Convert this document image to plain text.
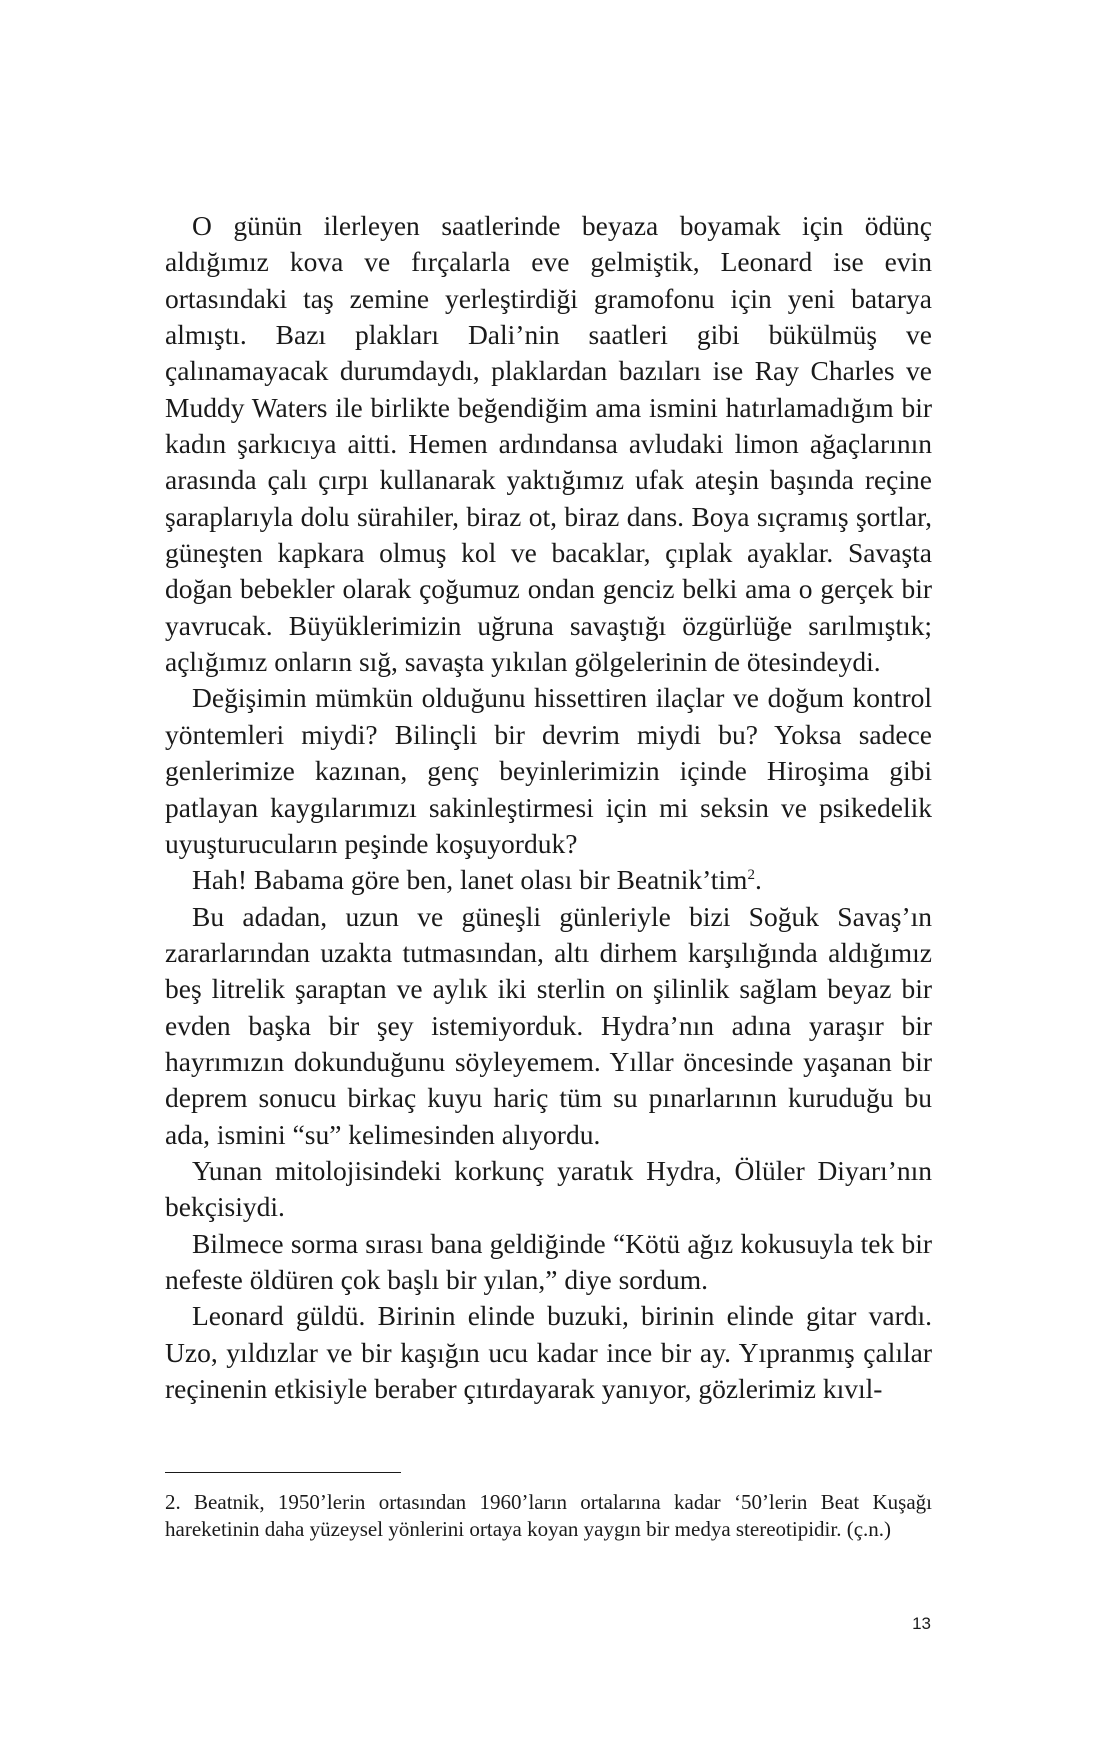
O günün ilerleyen saatlerinde beyaza boyamak için ödünç aldığımız kova ve fırçalarla eve gelmiştik, Leonard ise evin ortasındaki taş zemine yerleştirdiği gramofonu için yeni batarya almıştı. Bazı plakları Dali’nin saatleri gibi bükülmüş ve çalınamayacak durumdaydı, plaklardan bazıları ise Ray Charles ve Muddy Waters ile birlikte beğendiğim ama ismini hatırlamadığım bir kadın şarkıcıya aitti. Hemen ardındansa avludaki limon ağaçlarının arasında çalı çırpı kullanarak yaktığımız ufak ateşin başında reçine şaraplarıyla dolu sürahiler, biraz ot, biraz dans. Boya sıçramış şortlar, güneşten kapkara olmuş kol ve bacaklar, çıplak ayaklar. Savaşta doğan bebekler olarak çoğumuz ondan genciz belki ama o gerçek bir yavrucak. Büyüklerimizin uğruna savaştığı özgürlüğe sarılmıştık; açlığımız onların sığ, savaşta yıkılan gölgelerinin de ötesindeydi.

Değişimin mümkün olduğunu hissettiren ilaçlar ve doğum kontrol yöntemleri miydi? Bilinçli bir devrim miydi bu? Yoksa sadece genlerimize kazınan, genç beyinlerimizin içinde Hiroşima gibi patlayan kaygılarımızı sakinleştirmesi için mi seksin ve psikedelik uyuşturucuların peşinde koşuyorduk?

Hah! Babama göre ben, lanet olası bir Beatnik’tim$^2$.

Bu adadan, uzun ve güneşli günleriyle bizi Soğuk Savaş’ın zararlarından uzakta tutmasından, altı dirhem karşılığında aldığımız beş litrelik şaraptan ve aylık iki sterlin on şilinlik sağlam beyaz bir evden başka bir şey istemiyorduk. Hydra’nın adına yaraşır bir hayrımızın dokunduğunu söyleyemem. Yıllar öncesinde yaşanan bir deprem sonucu birkaç kuyu hariç tüm su pınarlarının kuruduğu bu ada, ismini “su” kelimesinden alıyordu.

Yunan mitolojisindeki korkunç yaratık Hydra, Ölüler Diyarı’nın bekçisiydi.

Bilmece sorma sırası bana geldiğinde “Kötü ağız kokusuyla tek bir nefeste öldüren çok başlı bir yılan,” diye sordum.

Leonard güldü. Birinin elinde buzuki, birinin elinde gitar vardı. Uzo, yıldızlar ve bir kaşığın ucu kadar ince bir ay. Yıpranmış çalılar reçinenin etkisiyle beraber çıtırdayarak yanıyor, gözlerimiz kıvıl-

2. Beatnik, 1950’lerin ortasından 1960’ların ortalarına kadar ‘50’lerin Beat Kuşağı hareketinin daha yüzeysel yönlerini ortaya koyan yaygın bir medya stereotipidir. (ç.n.)

13
